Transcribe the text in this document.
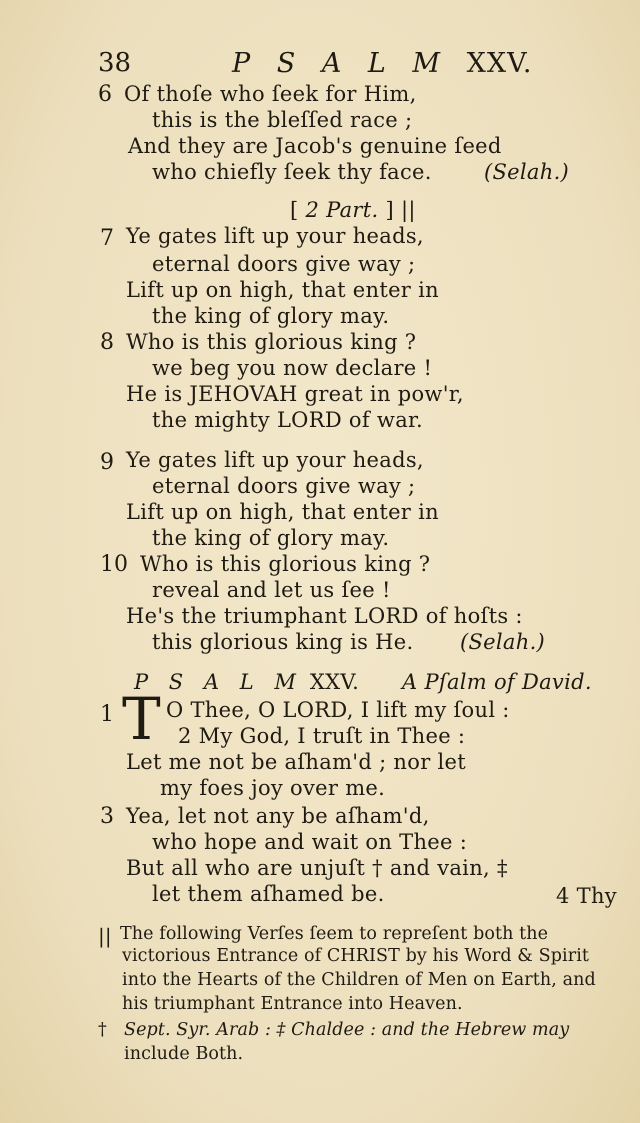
38	P S A L M XXV.
6 Of thoſe who ſeek for Him,
this is the bleſſed race ;
And they are Jacob's genuine ſeed
who chiefly ſeek thy face. (Selah.)
[ 2 Part. ] ||
7 Ye gates lift up your heads,
eternal doors give way ;
Lift up on high, that enter in
the king of glory may.
8 Who is this glorious king ?
we beg you now declare !
He is JEHOVAH great in pow'r,
the mighty LORD of war.
9 Ye gates lift up your heads,
eternal doors give way ;
Lift up on high, that enter in
the king of glory may.
10 Who is this glorious king ?
reveal and let us ſee !
He's the triumphant LORD of hoſts :
this glorious king is He. (Selah.)
P S A L M XXV. A Pſalm of David.
1 T O Thee, O LORD, I lift my ſoul :
2 My God, I truſt in Thee :
Let me not be aſham'd ; nor let
my foes joy over me.
3 Yea, let not any be aſham'd,
who hope and wait on Thee :
But all who are unjuſt † and vain, ‡
let them aſhamed be.	4 Thy
|| The following Verſes ſeem to repreſent both the
victorious Entrance of CHRIST by his Word & Spirit
into the Hearts of the Children of Men on Earth, and
his triumphant Entrance into Heaven.
† Sept. Syr. Arab : ‡ Chaldee : and the Hebrew may
include Both.
